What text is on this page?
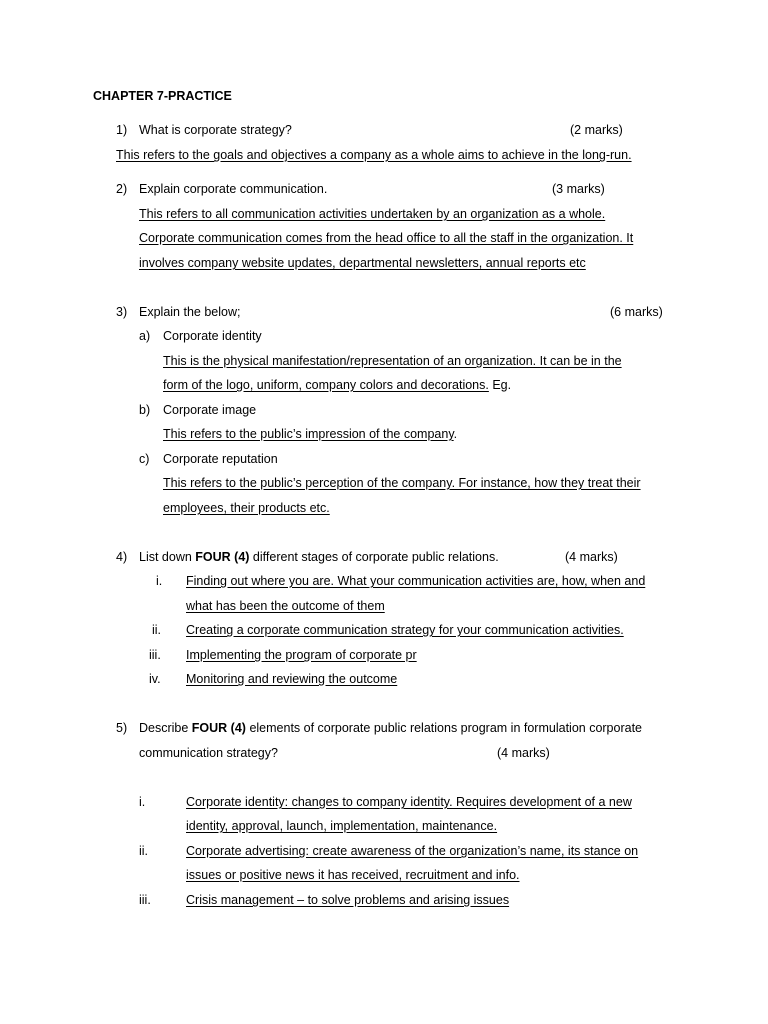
CHAPTER 7-PRACTICE
1) What is corporate strategy?	(2 marks)
This refers to the goals and objectives a company as a whole aims to achieve in the long-run.
2) Explain corporate communication.	(3 marks)
This refers to all communication activities undertaken by an organization as a whole.
Corporate communication comes from the head office to all the staff in the organization. It
involves company website updates, departmental newsletters, annual reports etc
3) Explain the below;	(6 marks)
a) Corporate identity
This is the physical manifestation/representation of an organization. It can be in the
form of the logo, uniform, company colors and decorations. Eg.
b) Corporate image
This refers to the public’s impression of the company.
c) Corporate reputation
This refers to the public’s perception of the company. For instance, how they treat their
employees, their products etc.
4) List down FOUR (4) different stages of corporate public relations.	(4 marks)
i. Finding out where you are. What your communication activities are, how, when and
what has been the outcome of them
ii. Creating a corporate communication strategy for your communication activities.
iii. Implementing the program of corporate pr
iv. Monitoring and reviewing the outcome
5) Describe FOUR (4) elements of corporate public relations program in formulation corporate
communication strategy?	(4 marks)
i.	Corporate identity: changes to company identity. Requires development of a new
identity, approval, launch, implementation, maintenance.
ii.	Corporate advertising: create awareness of the organization’s name, its stance on
issues or positive news it has received, recruitment and info.
iii.	Crisis management – to solve problems and arising issues
